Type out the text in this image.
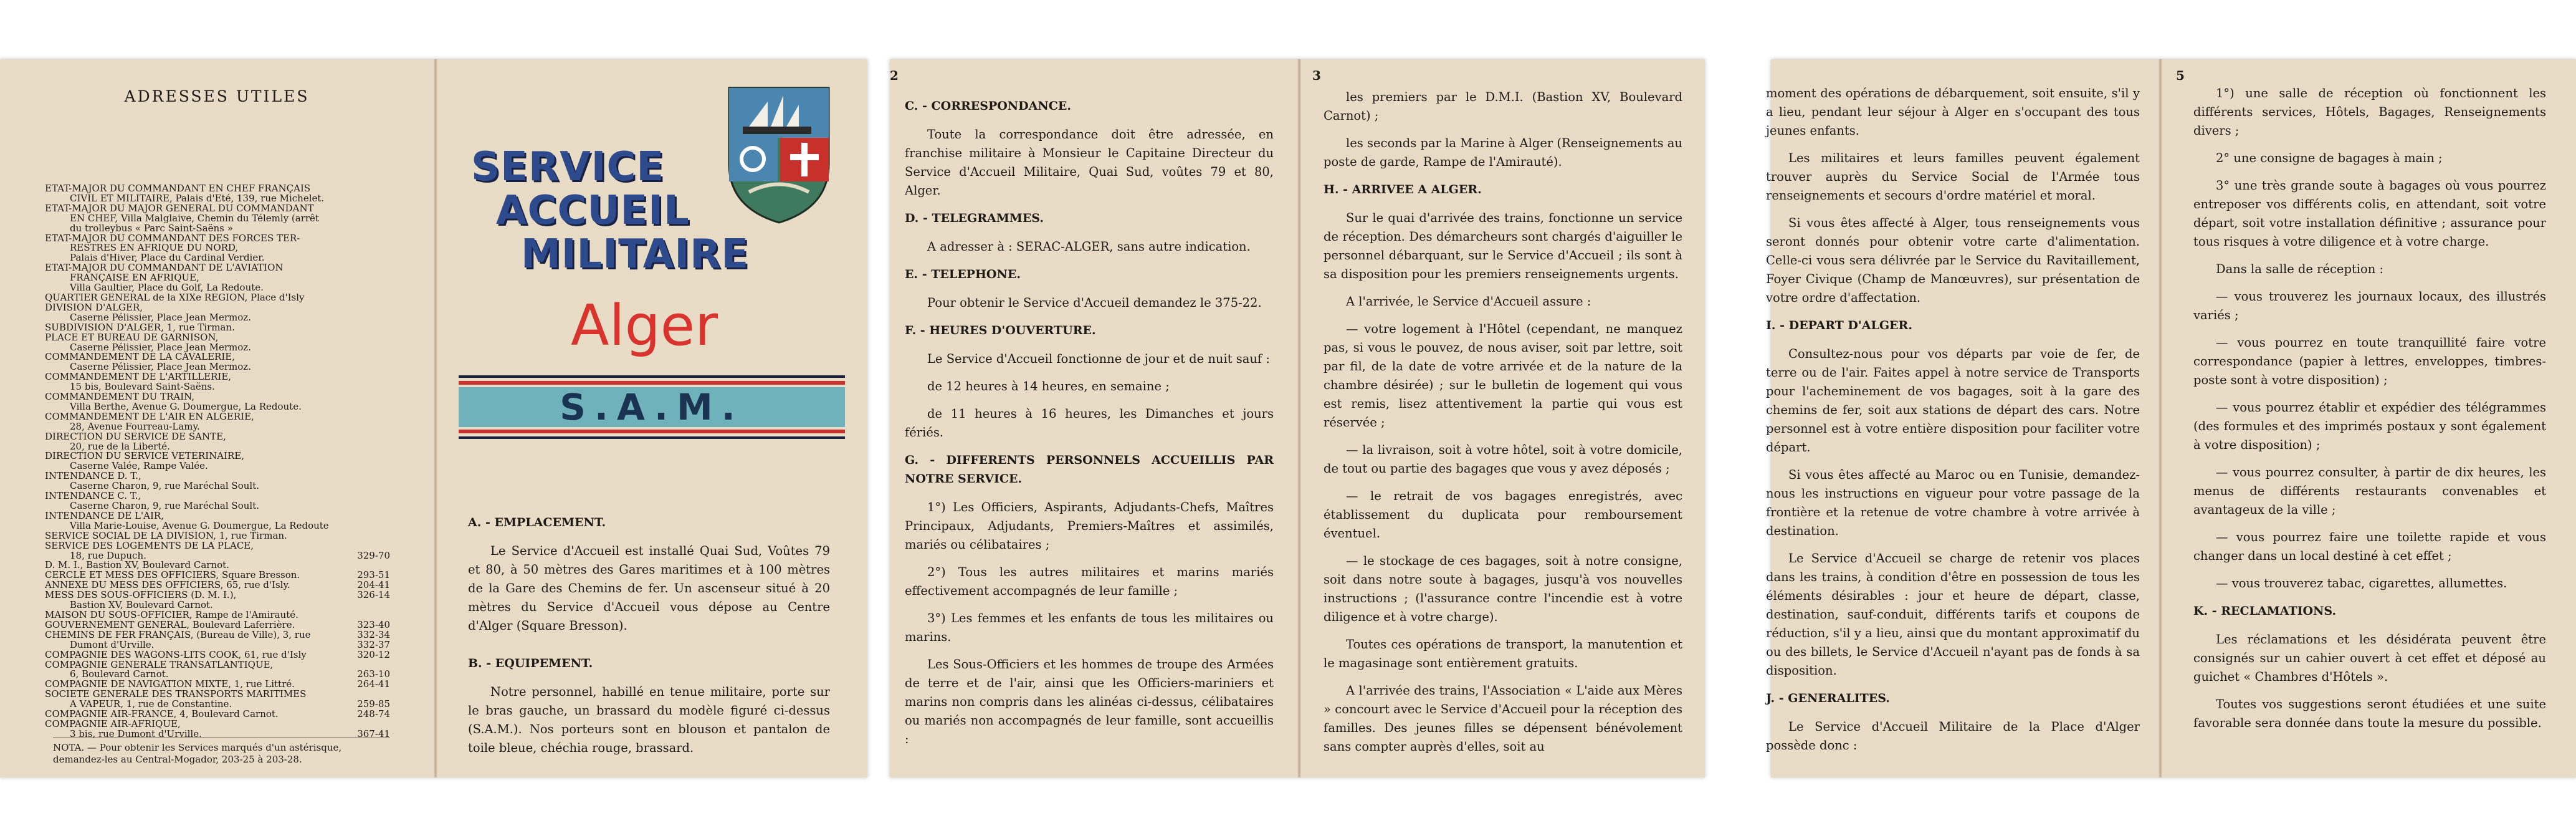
ADRESSES UTILES
ETAT-MAJOR DU COMMANDANT EN CHEF FRANÇAIS
CIVIL ET MILITAIRE, Palais d'Eté, 139, rue Michelet.
ETAT-MAJOR DU MAJOR GENERAL DU COMMANDANT
EN CHEF, Villa Malglaive, Chemin du Télemly (arrêt
du trolleybus « Parc Saint-Saëns »
ETAT-MAJOR DU COMMANDANT DES FORCES TER-
RESTRES EN AFRIQUE DU NORD,
Palais d'Hiver, Place du Cardinal Verdier.
ETAT-MAJOR DU COMMANDANT DE L'AVIATION
FRANÇAISE EN AFRIQUE,
Villa Gaultier, Place du Golf, La Redoute.
QUARTIER GENERAL de la XIXe REGION, Place d'Isly
DIVISION D'ALGER,
Caserne Pélissier, Place Jean Mermoz.
SUBDIVISION D'ALGER, 1, rue Tirman.
PLACE ET BUREAU DE GARNISON,
Caserne Pélissier, Place Jean Mermoz.
COMMANDEMENT DE LA CAVALERIE,
Caserne Pélissier, Place Jean Mermoz.
COMMANDEMENT DE L'ARTILLERIE,
15 bis, Boulevard Saint-Saëns.
COMMANDEMENT DU TRAIN,
Villa Berthe, Avenue G. Doumergue, La Redoute.
COMMANDEMENT DE L'AIR EN ALGERIE,
28, Avenue Fourreau-Lamy.
DIRECTION DU SERVICE DE SANTE,
20, rue de la Liberté.
DIRECTION DU SERVICE VETERINAIRE,
Caserne Valée, Rampe Valée.
INTENDANCE D. T.,
Caserne Charon, 9, rue Maréchal Soult.
INTENDANCE C. T.,
Caserne Charon, 9, rue Maréchal Soult.
INTENDANCE DE L'AIR,
Villa Marie-Louise, Avenue G. Doumergue, La Redoute
SERVICE SOCIAL DE LA DIVISION, 1, rue Tirman.
SERVICE DES LOGEMENTS DE LA PLACE,
18, rue Dupuch.	329-70
D. M. I., Bastion XV, Boulevard Carnot.
CERCLE ET MESS DES OFFICIERS, Square Bresson.	293-51
ANNEXE DU MESS DES OFFICIERS, 65, rue d'Isly.	204-41
MESS DES SOUS-OFFICIERS (D. M. I.),	326-14
Bastion XV, Boulevard Carnot.
MAISON DU SOUS-OFFICIER, Rampe de l'Amirauté.
GOUVERNEMENT GENERAL, Boulevard Laferrière.	323-40
CHEMINS DE FER FRANÇAIS, (Bureau de Ville), 3, rue	332-34
Dumont d'Urville.	332-37
COMPAGNIE DES WAGONS-LITS COOK, 61, rue d'Isly	320-12
COMPAGNIE GENERALE TRANSATLANTIQUE,
6, Boulevard Carnot.	263-10
COMPAGNIE DE NAVIGATION MIXTE, 1, rue Littré.	264-41
SOCIETE GENERALE DES TRANSPORTS MARITIMES
A VAPEUR, 1, rue de Constantine.	259-85
COMPAGNIE AIR-FRANCE, 4, Boulevard Carnot.	248-74
COMPAGNIE AIR-AFRIQUE,
3 bis, rue Dumont d'Urville.	367-41
NOTA. — Pour obtenir les Services marqués d'un astérisque, demandez-les au Central-Mogador, 203-25 à 203-28.
SERVICE
ACCUEIL
MILITAIRE
Alger
S.A.M.
A. - EMPLACEMENT.

Le Service d'Accueil est installé Quai Sud, Voûtes 79 et 80, à 50 mètres des Gares maritimes et à 100 mètres de la Gare des Chemins de fer. Un ascenseur situé à 20 mètres du Service d'Accueil vous dépose au Centre d'Alger (Square Bresson).

B. - EQUIPEMENT.

Notre personnel, habillé en tenue militaire, porte sur le bras gauche, un brassard du modèle figuré ci-dessus (S.A.M.). Nos porteurs sont en blouson et pantalon de toile bleue, chéchia rouge, brassard.

2
C. - CORRESPONDANCE.

Toute la correspondance doit être adressée, en franchise militaire à Monsieur le Capitaine Directeur du Service d'Accueil Militaire, Quai Sud, voûtes 79 et 80, Alger.

D. - TELEGRAMMES.

A adresser à : SERAC-ALGER, sans autre indication.

E. - TELEPHONE.

Pour obtenir le Service d'Accueil demandez le 375-22.

F. - HEURES D'OUVERTURE.

Le Service d'Accueil fonctionne de jour et de nuit sauf :

de 12 heures à 14 heures, en semaine ;

de 11 heures à 16 heures, les Dimanches et jours fériés.

G. - DIFFERENTS PERSONNELS ACCUEILLIS PAR NOTRE SERVICE.

1°) Les Officiers, Aspirants, Adjudants-Chefs, Maîtres Principaux, Adjudants, Premiers-Maîtres et assimilés, mariés ou célibataires ;

2°) Tous les autres militaires et marins mariés effectivement accompagnés de leur famille ;

3°) Les femmes et les enfants de tous les militaires ou marins.

Les Sous-Officiers et les hommes de troupe des Armées de terre et de l'air, ainsi que les Officiers-mariniers et marins non compris dans les alinéas ci-dessus, célibataires ou mariés non accompagnés de leur famille, sont accueillis :

3

les premiers par le D.M.I. (Bastion XV, Boulevard Carnot) ;

les seconds par la Marine à Alger (Renseignements au poste de garde, Rampe de l'Amirauté).

H. - ARRIVEE A ALGER.

Sur le quai d'arrivée des trains, fonctionne un service de réception. Des démarcheurs sont chargés d'aiguiller le personnel débarquant, sur le Service d'Accueil ; ils sont à sa disposition pour les premiers renseignements urgents.

A l'arrivée, le Service d'Accueil assure :

— votre logement à l'Hôtel (cependant, ne manquez pas, si vous le pouvez, de nous aviser, soit par lettre, soit par fil, de la date de votre arrivée et de la nature de la chambre désirée) ; sur le bulletin de logement qui vous est remis, lisez attentivement la partie qui vous est réservée ;

— la livraison, soit à votre hôtel, soit à votre domicile, de tout ou partie des bagages que vous y avez déposés ;

— le retrait de vos bagages enregistrés, avec établissement du duplicata pour remboursement éventuel.

— le stockage de ces bagages, soit à notre consigne, soit dans notre soute à bagages, jusqu'à vos nouvelles instructions ; (l'assurance contre l'incendie est à votre diligence et à votre charge).

Toutes ces opérations de transport, la manutention et le magasinage sont entièrement gratuits.

A l'arrivée des trains, l'Association « L'aide aux Mères » concourt avec le Service d'Accueil pour la réception des familles. Des jeunes filles se dépensent bénévolement sans compter auprès d'elles, soit au

moment des opérations de débarquement, soit ensuite, s'il y a lieu, pendant leur séjour à Alger en s'occupant des tous jeunes enfants.

Les militaires et leurs familles peuvent également trouver auprès du Service Social de l'Armée tous renseignements et secours d'ordre matériel et moral.

Si vous êtes affecté à Alger, tous renseignements vous seront donnés pour obtenir votre carte d'alimentation. Celle-ci vous sera délivrée par le Service du Ravitaillement, Foyer Civique (Champ de Manœuvres), sur présentation de votre ordre d'affectation.

I. - DEPART D'ALGER.

Consultez-nous pour vos départs par voie de fer, de terre ou de l'air. Faites appel à notre service de Transports pour l'acheminement de vos bagages, soit à la gare des chemins de fer, soit aux stations de départ des cars. Notre personnel est à votre entière disposition pour faciliter votre départ.

Si vous êtes affecté au Maroc ou en Tunisie, demandez-nous les instructions en vigueur pour votre passage de la frontière et la retenue de votre chambre à votre arrivée à destination.

Le Service d'Accueil se charge de retenir vos places dans les trains, à condition d'être en possession de tous les éléments désirables : jour et heure de départ, classe, destination, sauf-conduit, différents tarifs et coupons de réduction, s'il y a lieu, ainsi que du montant approximatif du ou des billets, le Service d'Accueil n'ayant pas de fonds à sa disposition.

J. - GENERALITES.

Le Service d'Accueil Militaire de la Place d'Alger possède donc :

5

1°) une salle de réception où fonctionnent les différents services, Hôtels, Bagages, Renseignements divers ;

2° une consigne de bagages à main ;

3° une très grande soute à bagages où vous pourrez entreposer vos différents colis, en attendant, soit votre départ, soit votre installation définitive ; assurance pour tous risques à votre diligence et à votre charge.

Dans la salle de réception :

— vous trouverez les journaux locaux, des illustrés variés ;

— vous pourrez en toute tranquillité faire votre correspondance (papier à lettres, enveloppes, timbres-poste sont à votre disposition) ;

— vous pourrez établir et expédier des télégrammes (des formules et des imprimés postaux y sont également à votre disposition) ;

— vous pourrez consulter, à partir de dix heures, les menus de différents restaurants convenables et avantageux de la ville ;

— vous pourrez faire une toilette rapide et vous changer dans un local destiné à cet effet ;

— vous trouverez tabac, cigarettes, allumettes.

K. - RECLAMATIONS.

Les réclamations et les désidérata peuvent être consignés sur un cahier ouvert à cet effet et déposé au guichet « Chambres d'Hôtels ».

Toutes vos suggestions seront étudiées et une suite favorable sera donnée dans toute la mesure du possible.
